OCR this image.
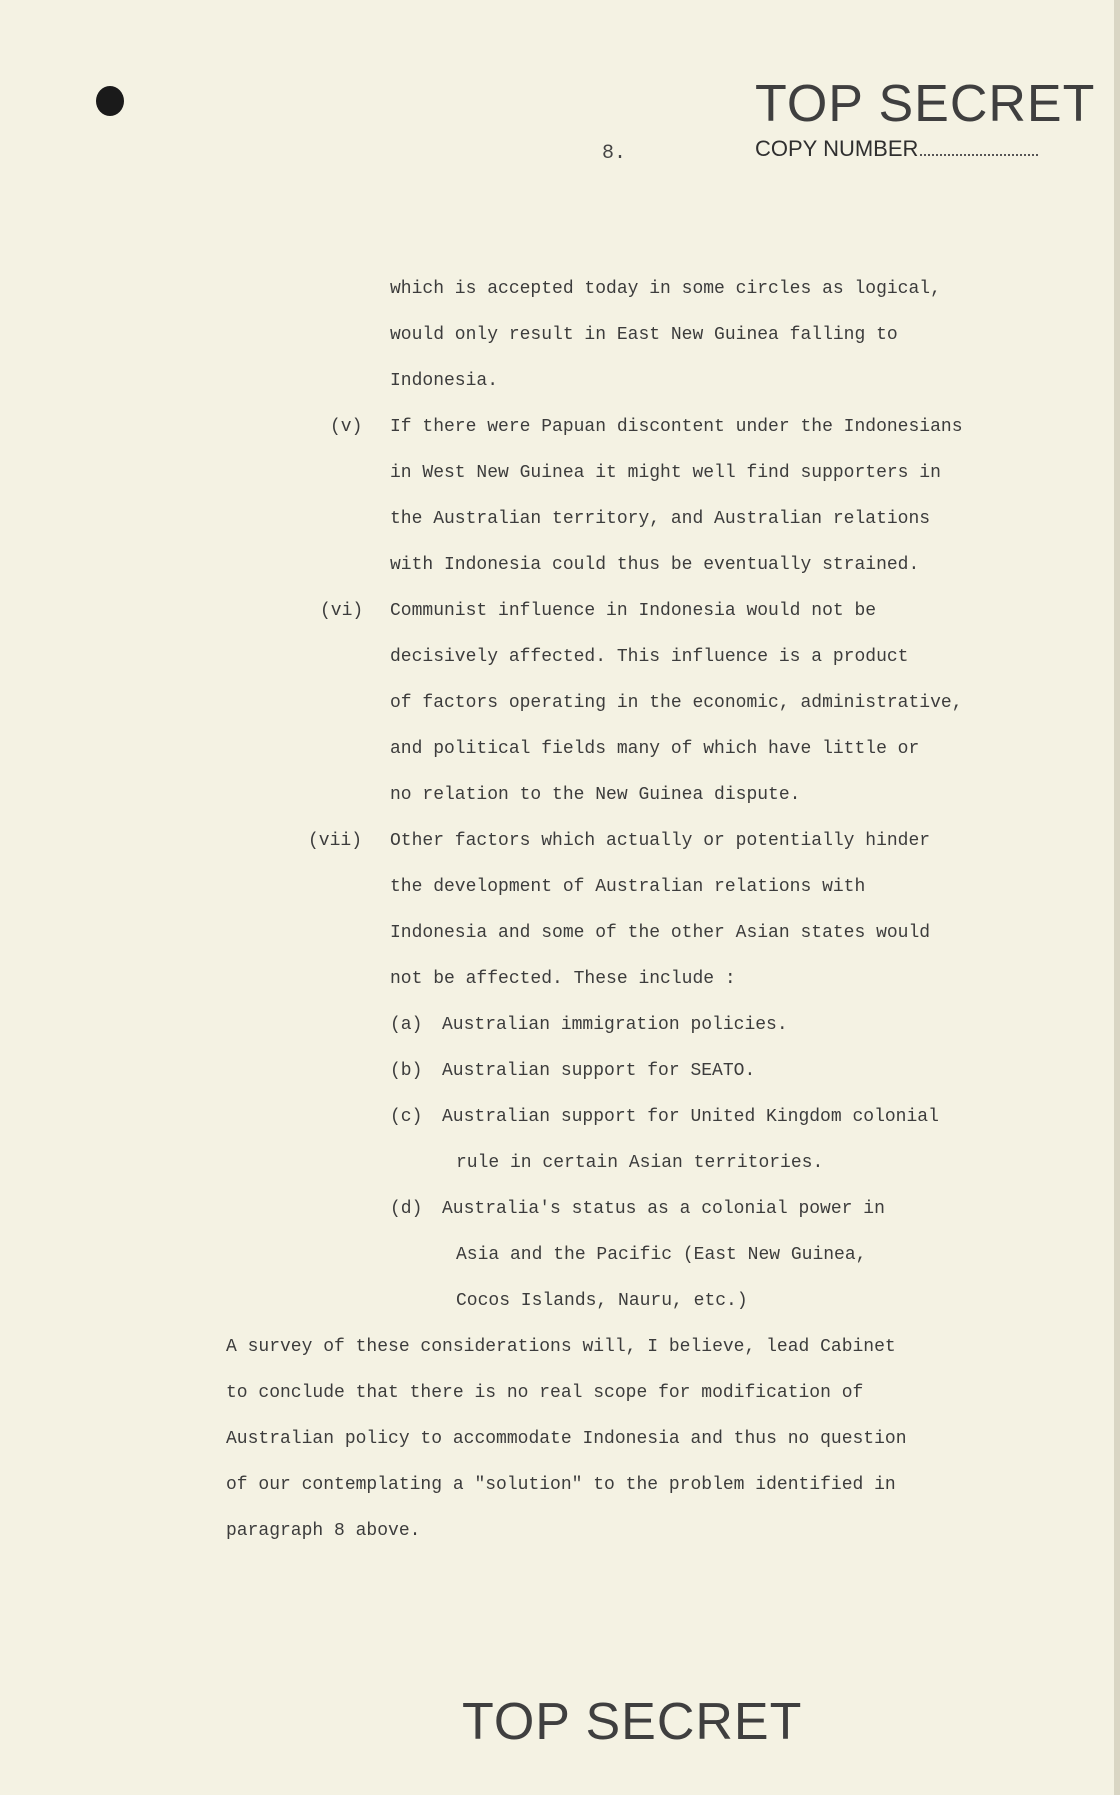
TOP SECRET
COPY NUMBER
8.
which is accepted today in some circles as logical,
would only result in East New Guinea falling to
Indonesia.
(v) If there were Papuan discontent under the Indonesians
in West New Guinea it might well find supporters in
the Australian territory, and Australian relations
with Indonesia could thus be eventually strained.
(vi) Communist influence in Indonesia would not be
decisively affected. This influence is a product
of factors operating in the economic, administrative,
and political fields many of which have little or
no relation to the New Guinea dispute.
(vii) Other factors which actually or potentially hinder
the development of Australian relations with
Indonesia and some of the other Asian states would
not be affected. These include :
(a) Australian immigration policies.
(b) Australian support for SEATO.
(c) Australian support for United Kingdom colonial
rule in certain Asian territories.
(d) Australia's status as a colonial power in
Asia and the Pacific (East New Guinea,
Cocos Islands, Nauru, etc.)
A survey of these considerations will, I believe, lead Cabinet
to conclude that there is no real scope for modification of
Australian policy to accommodate Indonesia and thus no question
of our contemplating a "solution" to the problem identified in
paragraph 8 above.
TOP SECRET
